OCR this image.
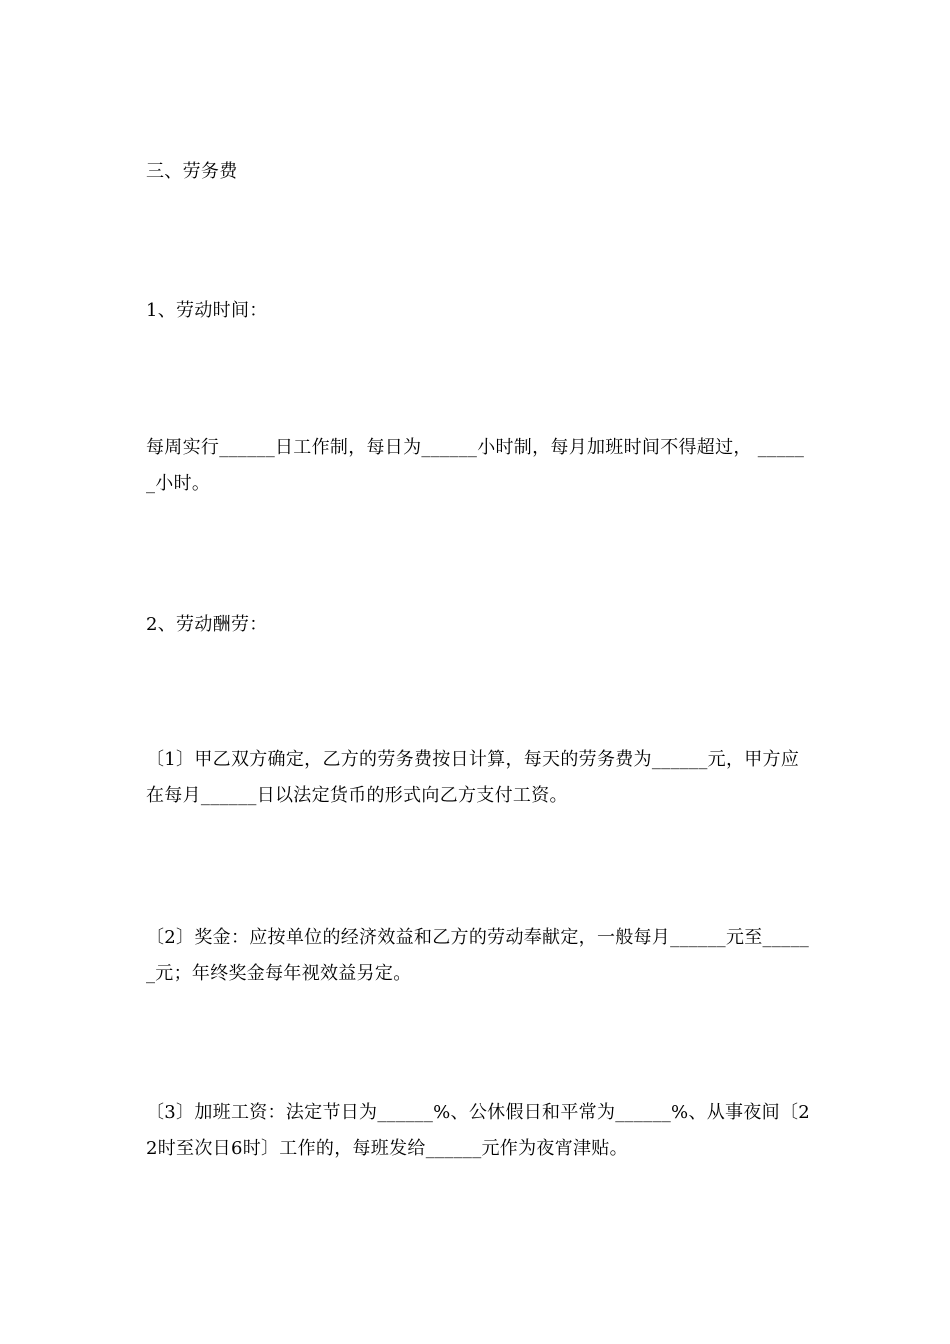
三、劳务费

1、劳动时间：

每周实行______日工作制，每日为______小时制，每月加班时间不得超过， ______小时。

2、劳动酬劳：

〔1〕甲乙双方确定，乙方的劳务费按日计算，每天的劳务费为______元，甲方应在每月______日以法定货币的形式向乙方支付工资。

〔2〕奖金：应按单位的经济效益和乙方的劳动奉献定，一般每月______元至______元；年终奖金每年视效益另定。

〔3〕加班工资：法定节日为______%、公休假日和平常为______%、从事夜间〔22时至次日6时〕工作的，每班发给______元作为夜宵津贴。
